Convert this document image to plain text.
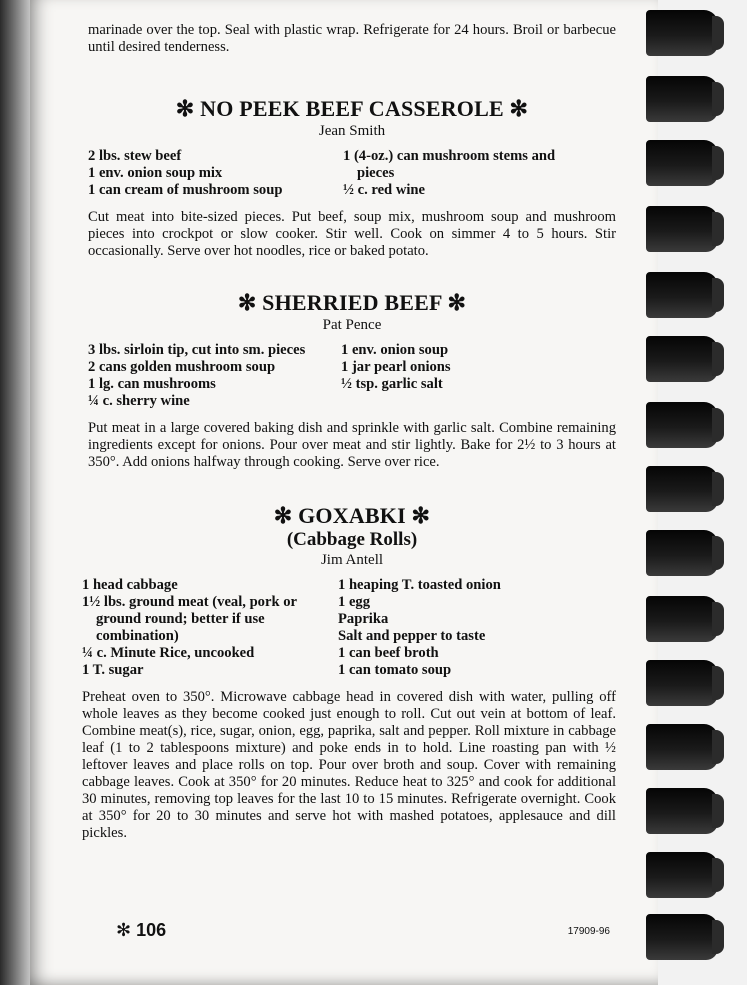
marinade over the top. Seal with plastic wrap. Refrigerate for 24 hours. Broil or barbecue until desired tenderness.

✻ NO PEEK BEEF CASSEROLE ✻

Jean Smith

2 lbs. stew beef

1 env. onion soup mix

1 can cream of mushroom soup

1 (4-oz.) can mushroom stems and pieces

½ c. red wine

Cut meat into bite-sized pieces. Put beef, soup mix, mushroom soup and mushroom pieces into crockpot or slow cooker. Stir well. Cook on simmer 4 to 5 hours. Stir occasionally. Serve over hot noodles, rice or baked potato.

✻ SHERRIED BEEF ✻

Pat Pence

3 lbs. sirloin tip, cut into sm. pieces

2 cans golden mushroom soup

1 lg. can mushrooms

¼ c. sherry wine

1 env. onion soup

1 jar pearl onions

½ tsp. garlic salt

Put meat in a large covered baking dish and sprinkle with garlic salt. Combine remaining ingredients except for onions. Pour over meat and stir lightly. Bake for 2½ to 3 hours at 350°. Add onions halfway through cooking. Serve over rice.

✻ GOXABKI ✻

(Cabbage Rolls)

Jim Antell

1 head cabbage

1½ lbs. ground meat (veal, pork or ground round; better if use combination)

¼ c. Minute Rice, uncooked

1 T. sugar

1 heaping T. toasted onion

1 egg

Paprika

Salt and pepper to taste

1 can beef broth

1 can tomato soup

Preheat oven to 350°. Microwave cabbage head in covered dish with water, pulling off whole leaves as they become cooked just enough to roll. Cut out vein at bottom of leaf. Combine meat(s), rice, sugar, onion, egg, paprika, salt and pepper. Roll mixture in cabbage leaf (1 to 2 tablespoons mixture) and poke ends in to hold. Line roasting pan with ½ leftover leaves and place rolls on top. Pour over broth and soup. Cover with remaining cabbage leaves. Cook at 350° for 20 minutes. Reduce heat to 325° and cook for additional 30 minutes, removing top leaves for the last 10 to 15 minutes. Refrigerate overnight. Cook at 350° for 20 to 30 minutes and serve hot with mashed potatoes, applesauce and dill pickles.

✻ 106	17909-96
